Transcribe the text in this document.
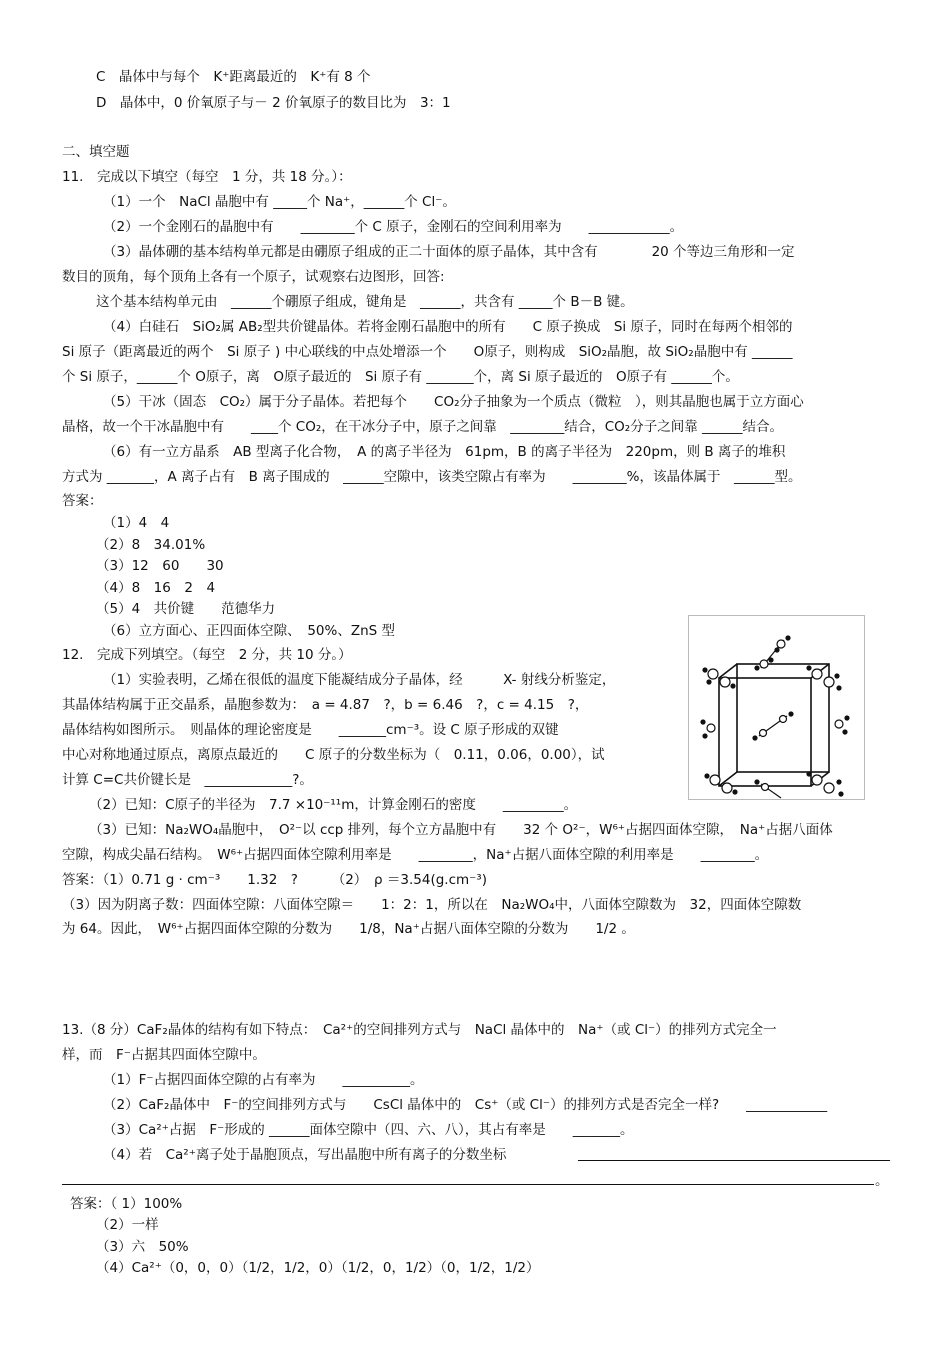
C　晶体中与每个　K⁺距离最近的　K⁺有 8 个
D　晶体中，0 价氧原子与－ 2 价氧原子的数目比为　3：1
二、填空题
11.　完成以下填空（每空　1 分，共 18 分。）：
（1）一个　NaCl 晶胞中有 _____个 Na⁺，______个 Cl⁻。
（2）一个金刚石的晶胞中有　　________个 C 原子，金刚石的空间利用率为　　____________。
（3）晶体硼的基本结构单元都是由硼原子组成的正二十面体的原子晶体，其中含有　　　　20 个等边三角形和一定
数目的顶角，每个顶角上各有一个原子，试观察右边图形，回答:
这个基本结构单元由　______个硼原子组成，键角是　______，共含有 _____个 B－B 键。
（4）白硅石　SiO₂属 AB₂型共价键晶体。若将金刚石晶胞中的所有　　C 原子换成　Si 原子，同时在每两个相邻的
Si 原子（距离最近的两个　Si 原子 ) 中心联线的中点处增添一个　　O原子，则构成　SiO₂晶胞，故 SiO₂晶胞中有 ______
个 Si 原子，______个 O原子，离　O原子最近的　Si 原子有 _______个，离 Si 原子最近的　O原子有 ______个。
（5）干冰（固态　CO₂）属于分子晶体。若把每个　　CO₂分子抽象为一个质点（微粒　），则其晶胞也属于立方面心
晶格，故一个干冰晶胞中有　　____个 CO₂，在干冰分子中，原子之间靠　________结合，CO₂分子之间靠 ______结合。
（6）有一立方晶系　AB 型离子化合物，　A 的离子半径为　61pm，B 的离子半径为　220pm，则 B 离子的堆积
方式为 _______，A 离子占有　B 离子围成的　______空隙中，该类空隙占有率为　　________%，该晶体属于　______型。
答案：
（1）4　4
（2）8　34.01%
（3）12　60　　30
（4）8　16　2　4
（5）4　共价键　　范德华力
（6）立方面心、正四面体空隙、　50%、ZnS 型
12.　完成下列填空。（每空　2 分，共 10 分。）
（1）实验表明，乙烯在很低的温度下能凝结成分子晶体，经　　　X- 射线分析鉴定，
其晶体结构属于正交晶系，晶胞参数为：　a = 4.87　?，b = 6.46　?，c = 4.15　?，
晶体结构如图所示。　则晶体的理论密度是　　_______cm⁻³。设 C 原子形成的双键
中心对称地通过原点，离原点最近的　　C 原子的分数坐标为（　0.11，0.06，0.00），试
计算 C=C共价键长是　_____________?。
（2）已知：C原子的半径为　7.7 ×10⁻¹¹m，计算金刚石的密度　　_________。
（3）已知：Na₂WO₄晶胞中，　O²⁻以 ccp 排列，每个立方晶胞中有　　32 个 O²⁻，W⁶⁺占据四面体空隙，　Na⁺占据八面体
空隙，构成尖晶石结构。　W⁶⁺占据四面体空隙利用率是　　________，Na⁺占据八面体空隙的利用率是　　________。
答案：（1）0.71 g · cm⁻³　　1.32　?　　　（2）　ρ ＝3.54(g.cm⁻³)
（3）因为阴离子数：四面体空隙：八面体空隙＝　　1：2：1，所以在　Na₂WO₄中，八面体空隙数为　32，四面体空隙数
为 64。因此，　W⁶⁺占据四面体空隙的分数为　　1/8，Na⁺占据八面体空隙的分数为　　1/2 。
13.（8 分）CaF₂晶体的结构有如下特点：　Ca²⁺的空间排列方式与　NaCl 晶体中的　Na⁺（或 Cl⁻）的排列方式完全一
样，而　F⁻占据其四面体空隙中。
（1）F⁻占据四面体空隙的占有率为　　__________。
（2）CaF₂晶体中　F⁻的空间排列方式与　　CsCl 晶体中的　Cs⁺（或 Cl⁻）的排列方式是否完全一样?　　____________
（3）Ca²⁺占据　F⁻形成的 ______面体空隙中（四、六、八），其占有率是　　_______。
（4）若　Ca²⁺离子处于晶胞顶点，写出晶胞中所有离子的分数坐标
。
答案：（ 1）100%
（2）一样
（3）六　50%
（4）Ca²⁺（0，0，0）（1/2，1/2，0）（1/2，0，1/2）（0，1/2，1/2）
